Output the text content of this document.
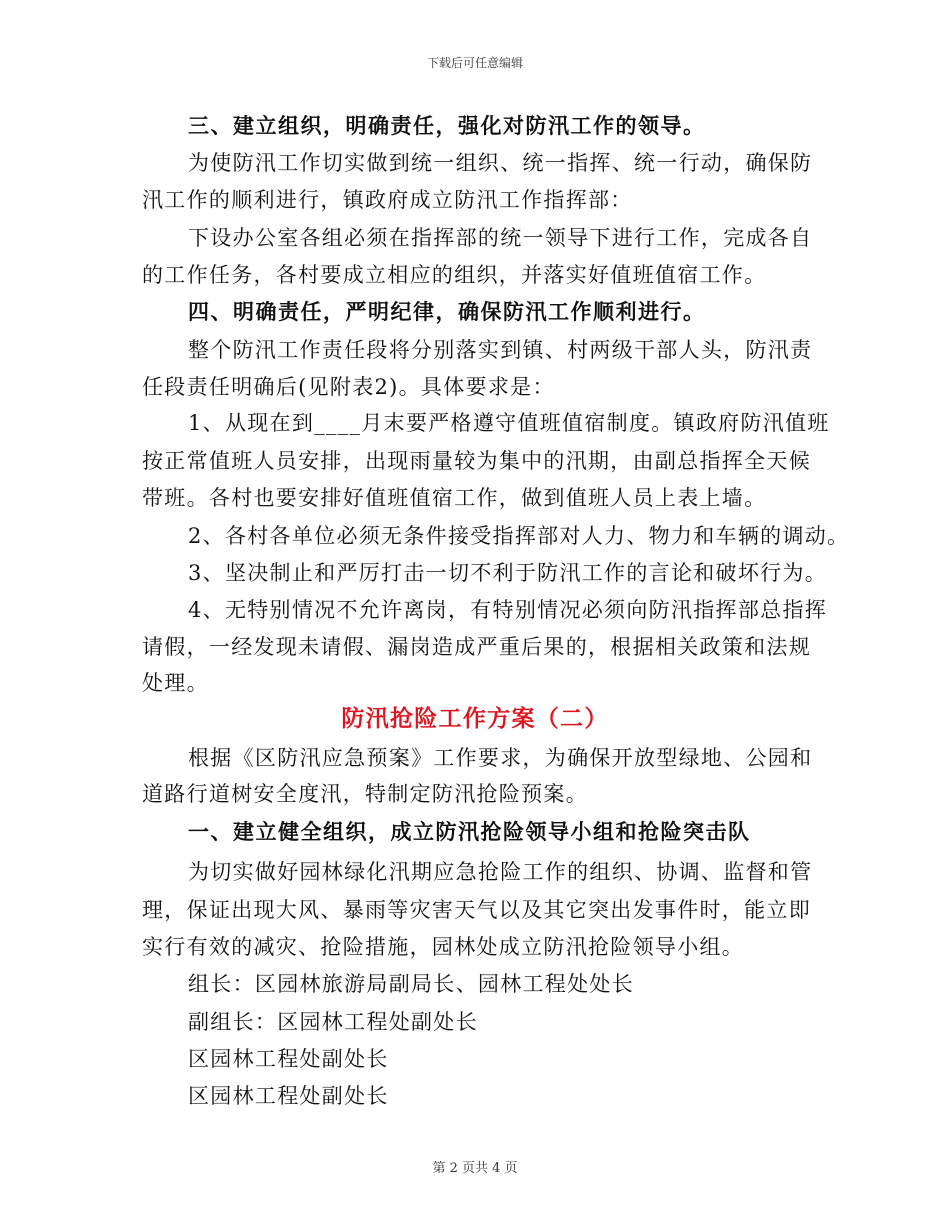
下载后可任意编辑
三、建立组织，明确责任，强化对防汛工作的领导。
为使防汛工作切实做到统一组织、统一指挥、统一行动，确保防
汛工作的顺利进行，镇政府成立防汛工作指挥部：
下设办公室各组必须在指挥部的统一领导下进行工作，完成各自
的工作任务，各村要成立相应的组织，并落实好值班值宿工作。
四、明确责任，严明纪律，确保防汛工作顺利进行。
整个防汛工作责任段将分别落实到镇、村两级干部人头，防汛责
任段责任明确后(见附表2)。具体要求是：
1、从现在到____月末要严格遵守值班值宿制度。镇政府防汛值班
按正常值班人员安排，出现雨量较为集中的汛期，由副总指挥全天候
带班。各村也要安排好值班值宿工作，做到值班人员上表上墙。
2、各村各单位必须无条件接受指挥部对人力、物力和车辆的调动。
3、坚决制止和严厉打击一切不利于防汛工作的言论和破坏行为。
4、无特别情况不允许离岗，有特别情况必须向防汛指挥部总指挥
请假，一经发现未请假、漏岗造成严重后果的，根据相关政策和法规
处理。
防汛抢险工作方案（二）
根据《区防汛应急预案》工作要求，为确保开放型绿地、公园和
道路行道树安全度汛，特制定防汛抢险预案。
一、建立健全组织，成立防汛抢险领导小组和抢险突击队
为切实做好园林绿化汛期应急抢险工作的组织、协调、监督和管
理，保证出现大风、暴雨等灾害天气以及其它突出发事件时，能立即
实行有效的减灾、抢险措施，园林处成立防汛抢险领导小组。
组长：区园林旅游局副局长、园林工程处处长
副组长：区园林工程处副处长
区园林工程处副处长
区园林工程处副处长
第 2 页共 4 页
